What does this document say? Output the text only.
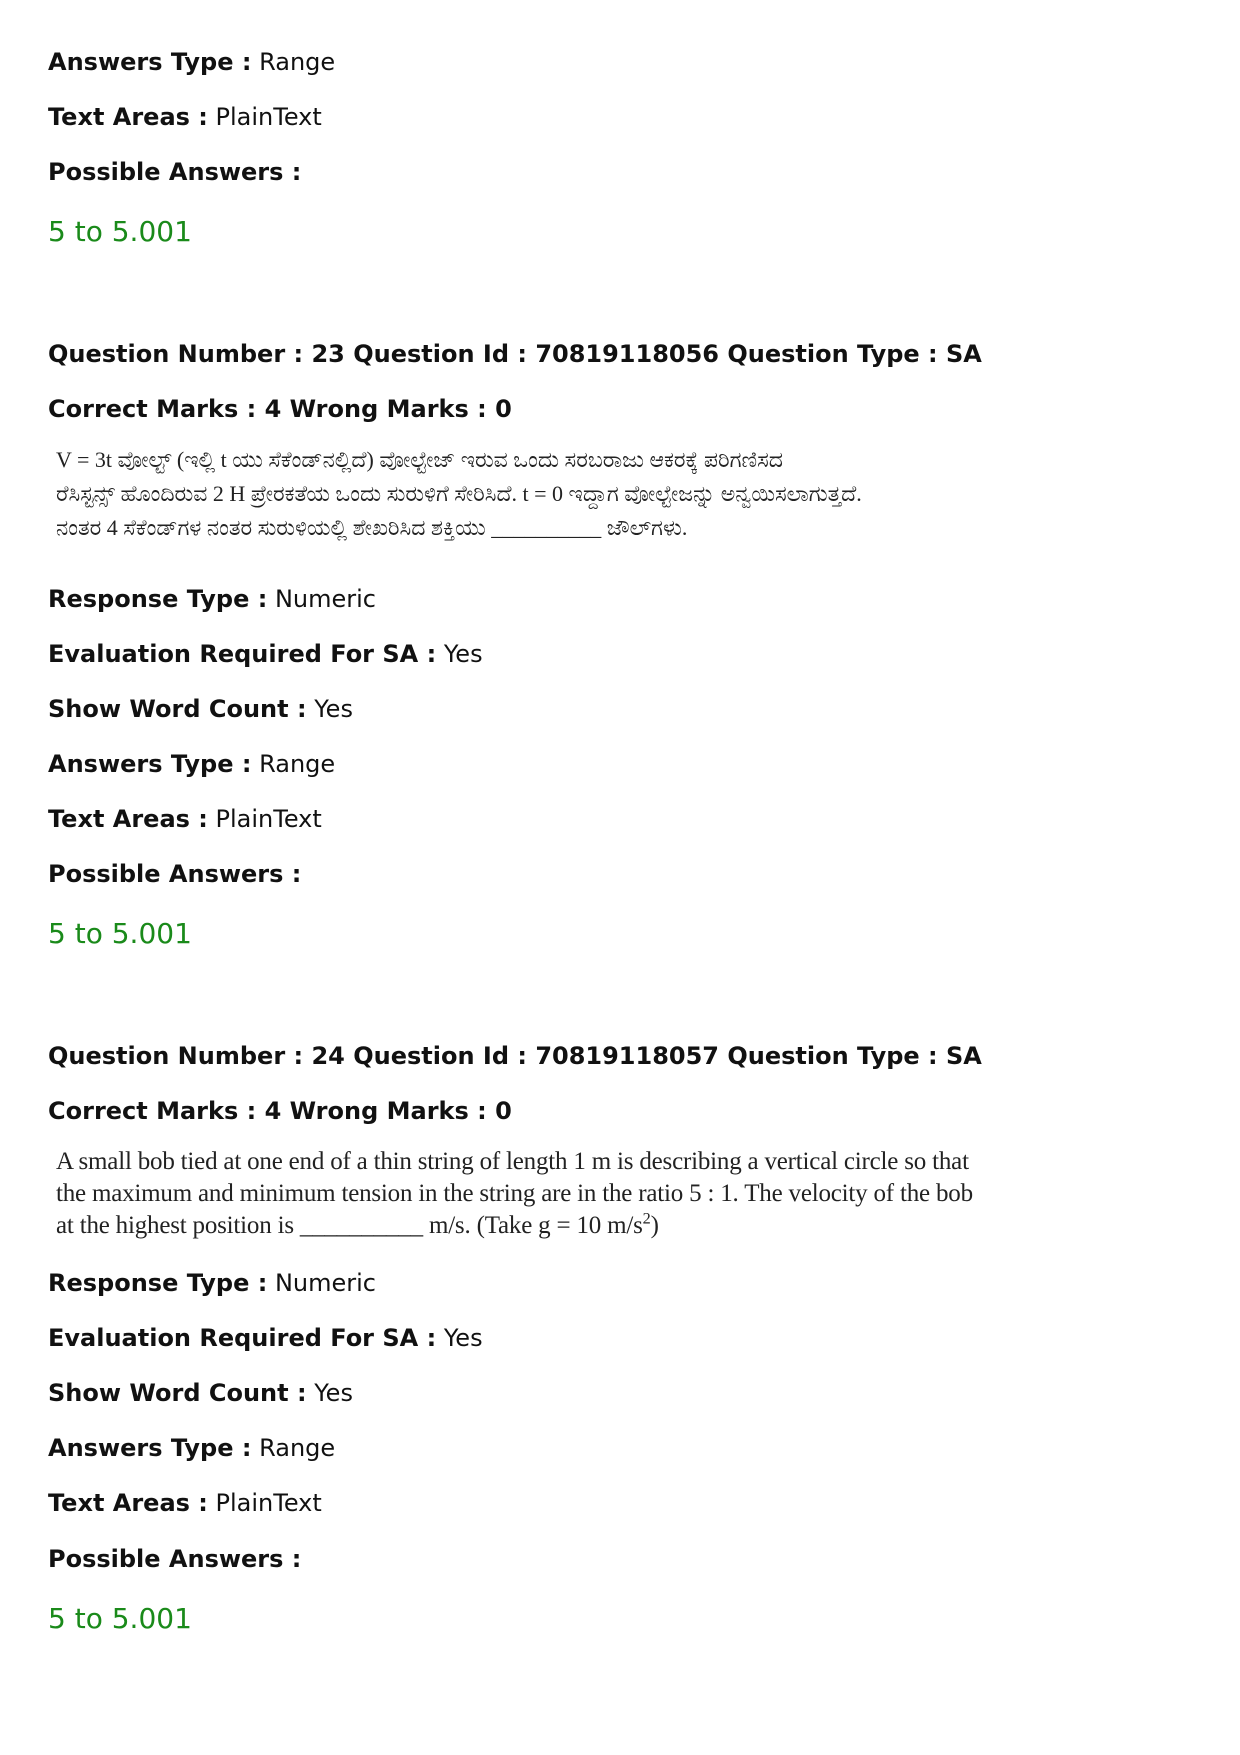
Answers Type : Range
Text Areas : PlainText
Possible Answers :
5 to 5.001
Question Number : 23 Question Id : 70819118056 Question Type : SA
Correct Marks : 4 Wrong Marks : 0
V = 3t ವೋಲ್ಟ್ (ಇಲ್ಲಿ t ಯು ಸೆಕೆಂಡ್‌ನಲ್ಲಿದೆ) ವೋಲ್ಟೇಜ್ ಇರುವ ಒಂದು ಸರಬರಾಜು ಆಕರಕ್ಕೆ ಪರಿಗಣಿಸದ
ರೆಸಿಸ್ಟನ್ಸ್ ಹೊಂದಿರುವ 2 H ಪ್ರೇರಕತೆಯ ಒಂದು ಸುರುಳಿಗೆ ಸೇರಿಸಿದೆ. t = 0 ಇದ್ದಾಗ ವೋಲ್ಟೇಜನ್ನು ಅನ್ವಯಿಸಲಾಗುತ್ತದೆ.
ನಂತರ 4 ಸೆಕೆಂಡ್‌ಗಳ ನಂತರ ಸುರುಳಿಯಲ್ಲಿ ಶೇಖರಿಸಿದ ಶಕ್ತಿಯು __________ ಜೌಲ್‌ಗಳು.
Response Type : Numeric
Evaluation Required For SA : Yes
Show Word Count : Yes
Answers Type : Range
Text Areas : PlainText
Possible Answers :
5 to 5.001
Question Number : 24 Question Id : 70819118057 Question Type : SA
Correct Marks : 4 Wrong Marks : 0
A small bob tied at one end of a thin string of length 1 m is describing a vertical circle so that
the maximum and minimum tension in the string are in the ratio 5 : 1. The velocity of the bob
at the highest position is __________ m/s. (Take g = 10 $m/s^2$)
Response Type : Numeric
Evaluation Required For SA : Yes
Show Word Count : Yes
Answers Type : Range
Text Areas : PlainText
Possible Answers :
5 to 5.001
